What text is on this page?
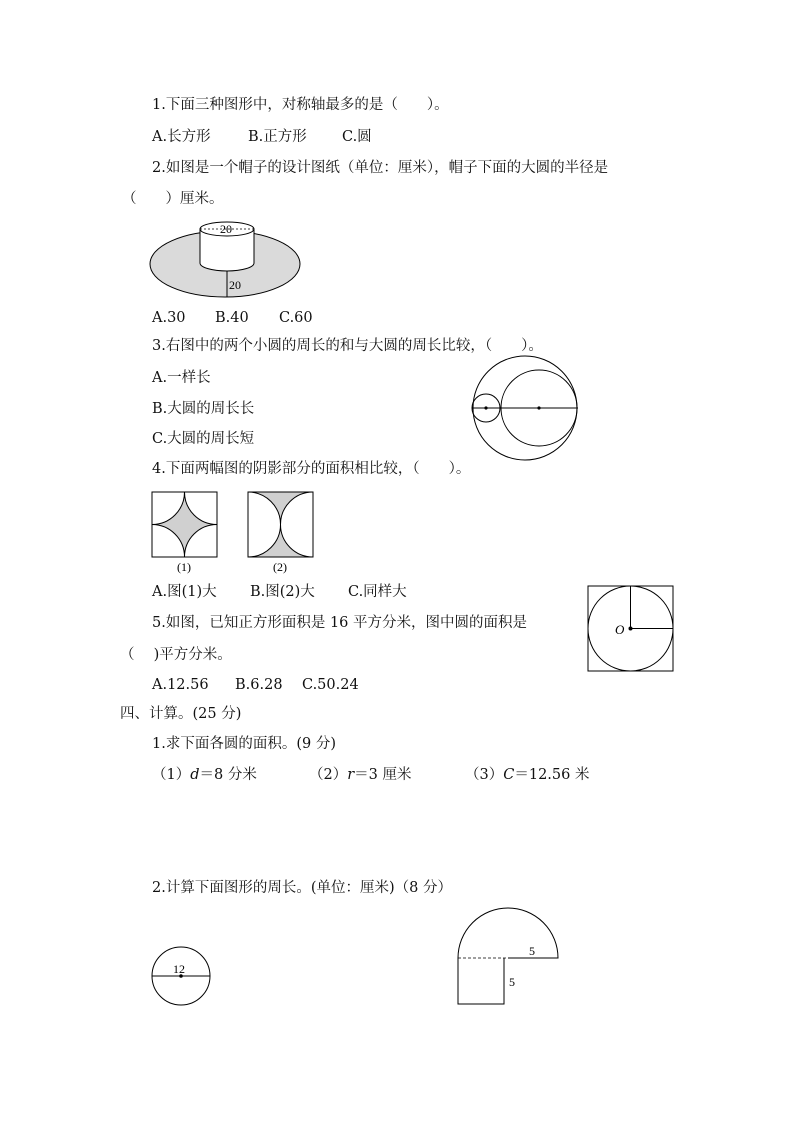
1.下面三种图形中，对称轴最多的是（　　）。
A.长方形	B.正方形 C.圆
2.如图是一个帽子的设计图纸（单位：厘米），帽子下面的大圆的半径是
（　　）厘米。
20
20
A.30 B.40 C.60
3.右图中的两个小圆的周长的和与大圆的周长比较，（　　）。
A.一样长
B.大圆的周长长
C.大圆的周长短
4.下面两幅图的阴影部分的面积相比较，（　　）。
(1)	(2)
A.图(1)大 B.图(2)大 C.同样大
5.如图，已知正方形面积是 16 平方分米，图中圆的面积是
（　 )平方分米。
O
A.12.56 B.6.28 C.50.24
四、计算。(25 分)
1.求下面各圆的面积。(9 分)
（1）d＝8 分米	（2）r＝3 厘米	（3）C＝12.56 米
2.计算下面图形的周长。(单位：厘米)（8 分）
12
5
5
